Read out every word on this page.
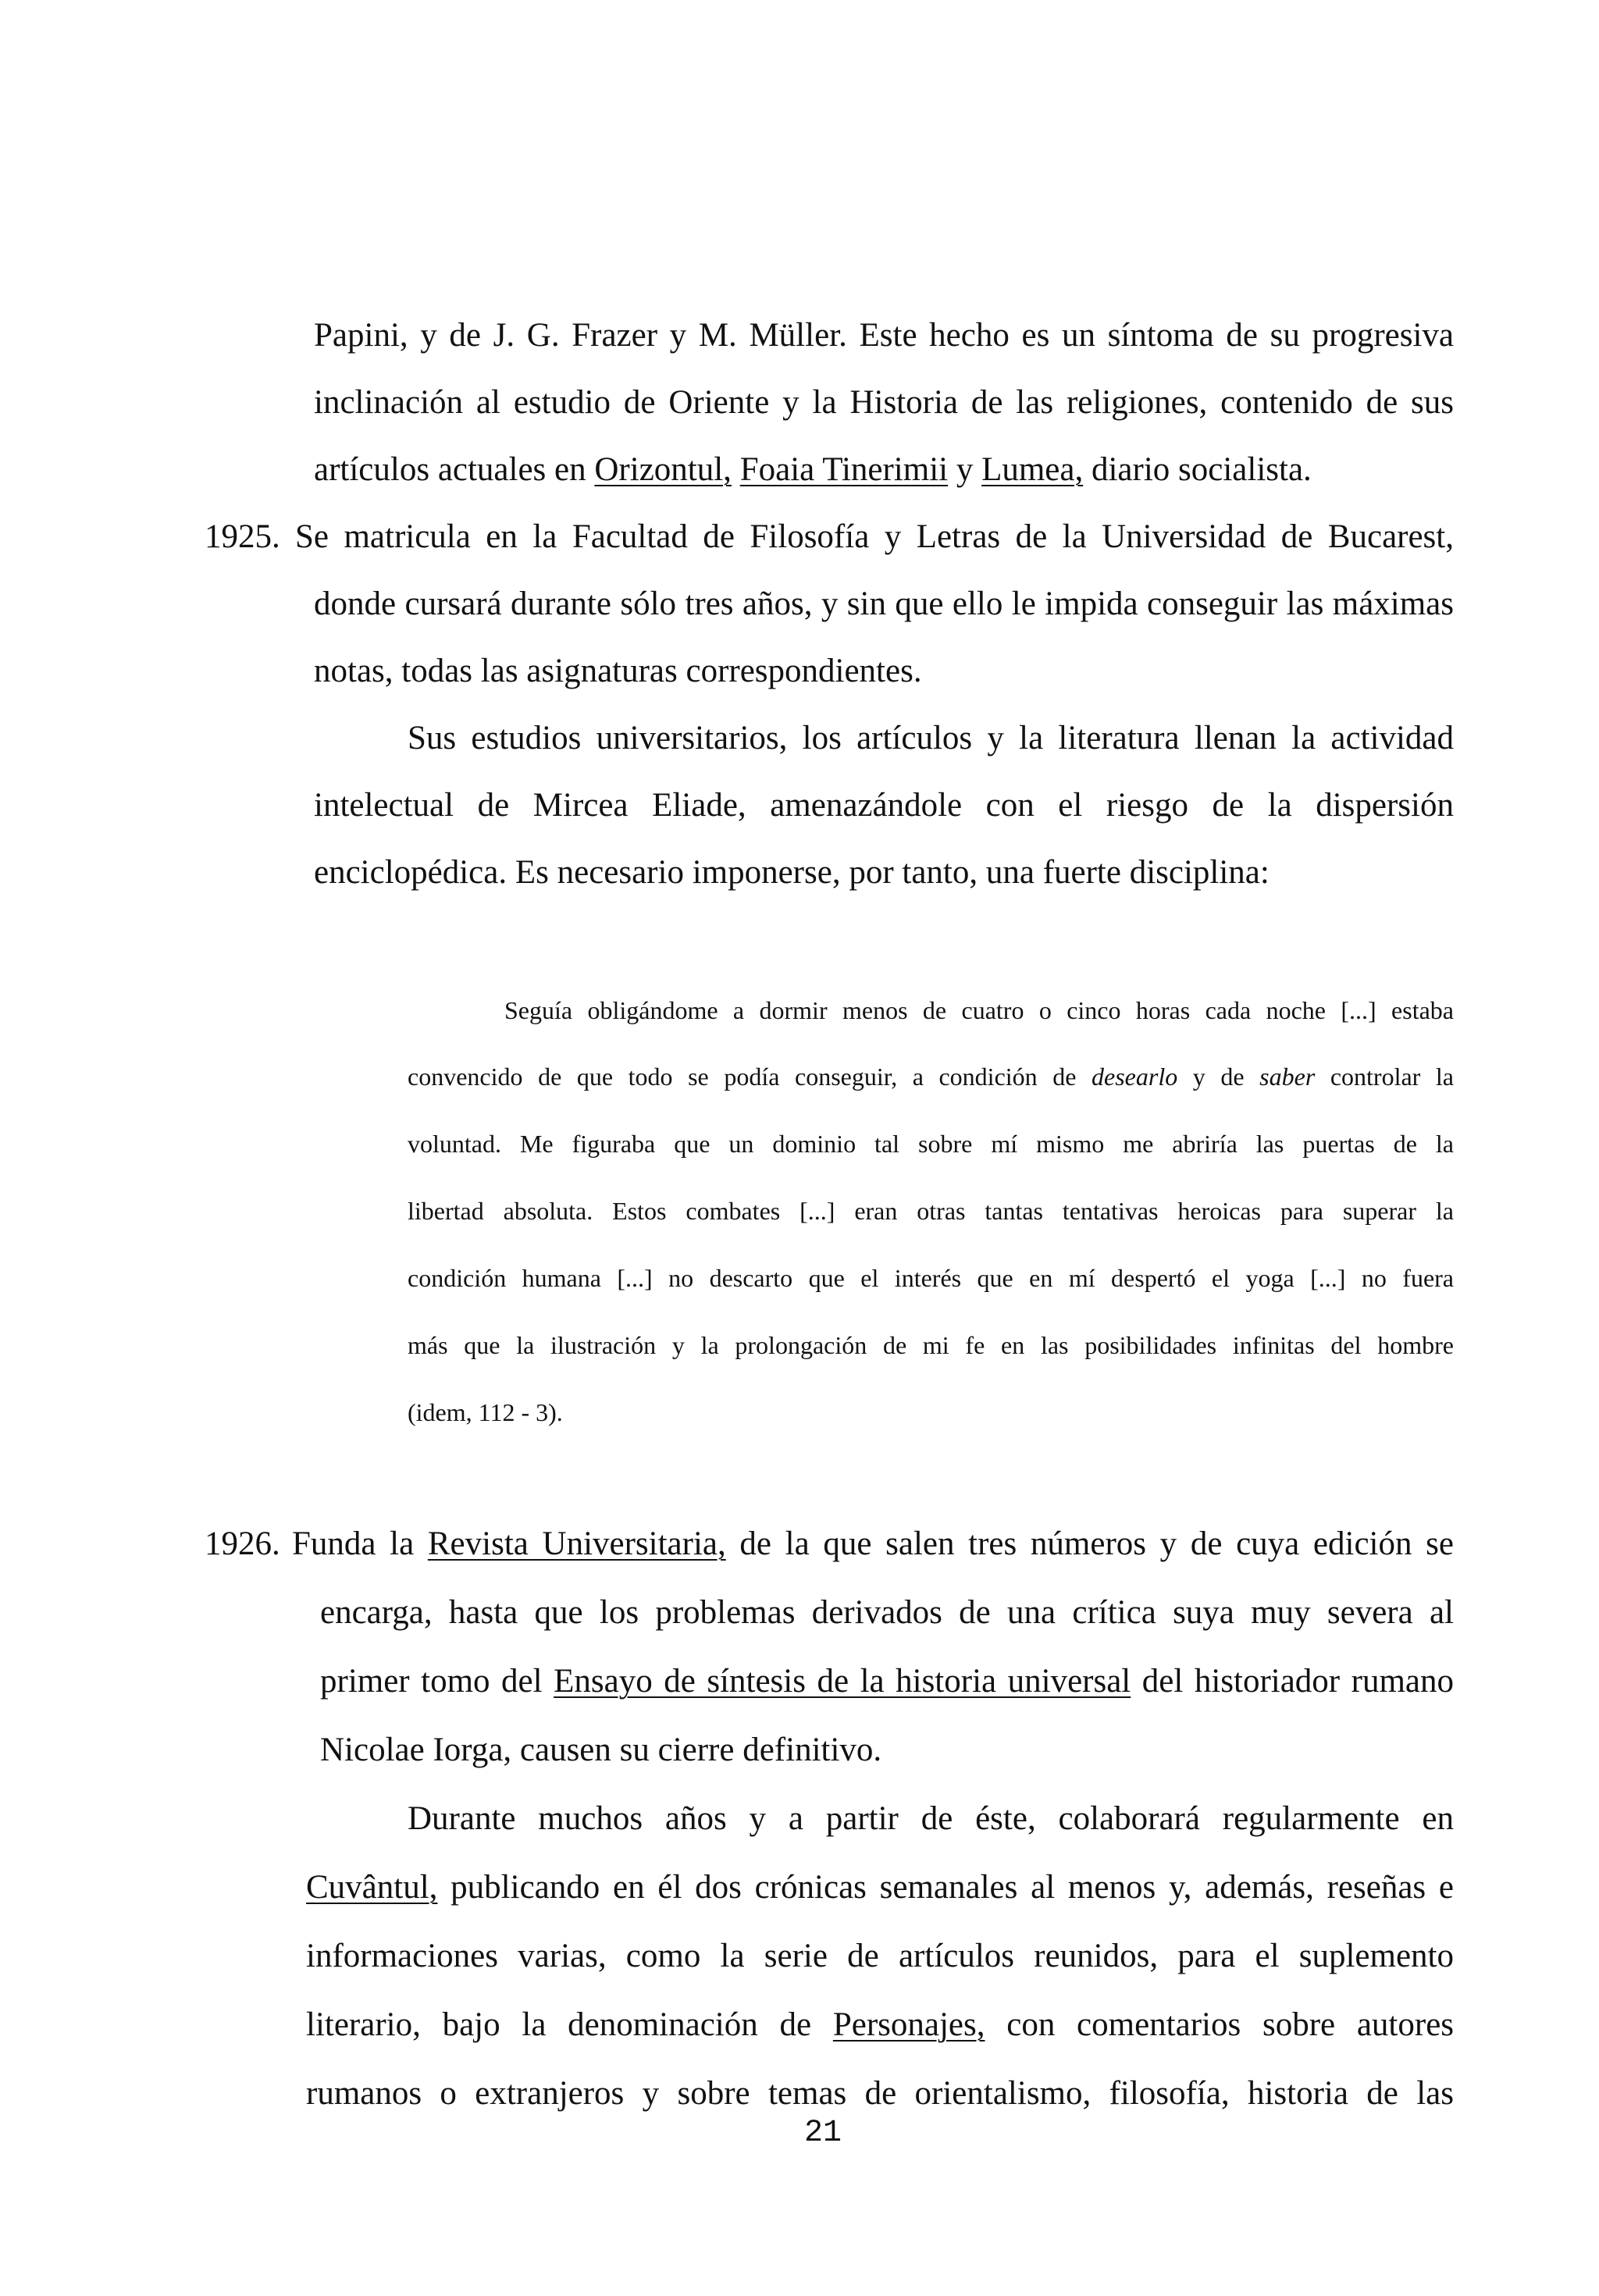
Papini, y de J. G. Frazer y M. Müller. Este hecho es un síntoma de su progresiva
inclinación al estudio de Oriente y la Historia de las religiones, contenido de sus
artículos actuales en Orizontul, Foaia Tinerimii y Lumea, diario socialista.
1925. Se matricula en la Facultad de Filosofía y Letras de la Universidad de Bucarest,
donde cursará durante sólo tres años, y sin que ello le impida conseguir las máximas
notas, todas las asignaturas correspondientes.
Sus estudios universitarios, los artículos y la literatura llenan la actividad
intelectual de Mircea Eliade, amenazándole con el riesgo de la dispersión
enciclopédica. Es necesario imponerse, por tanto, una fuerte disciplina:
Seguía obligándome a dormir menos de cuatro o cinco horas cada noche [...] estaba
convencido de que todo se podía conseguir, a condición de desearlo y de saber controlar la
voluntad. Me figuraba que un dominio tal sobre mí mismo me abriría las puertas de la
libertad absoluta. Estos combates [...] eran otras tantas tentativas heroicas para superar la
condición humana [...] no descarto que el interés que en mí despertó el yoga [...] no fuera
más que la ilustración y la prolongación de mi fe en las posibilidades infinitas del hombre
(idem, 112 - 3).
1926. Funda la Revista Universitaria, de la que salen tres números y de cuya edición se
encarga, hasta que los problemas derivados de una crítica suya muy severa al
primer tomo del Ensayo de síntesis de la historia universal del historiador rumano
Nicolae Iorga, causen su cierre definitivo.
Durante muchos años y a partir de éste, colaborará regularmente en
Cuvântul, publicando en él dos crónicas semanales al menos y, además, reseñas e
informaciones varias, como la serie de artículos reunidos, para el suplemento
literario, bajo la denominación de Personajes, con comentarios sobre autores
rumanos o extranjeros y sobre temas de orientalismo, filosofía, historia de las
21
